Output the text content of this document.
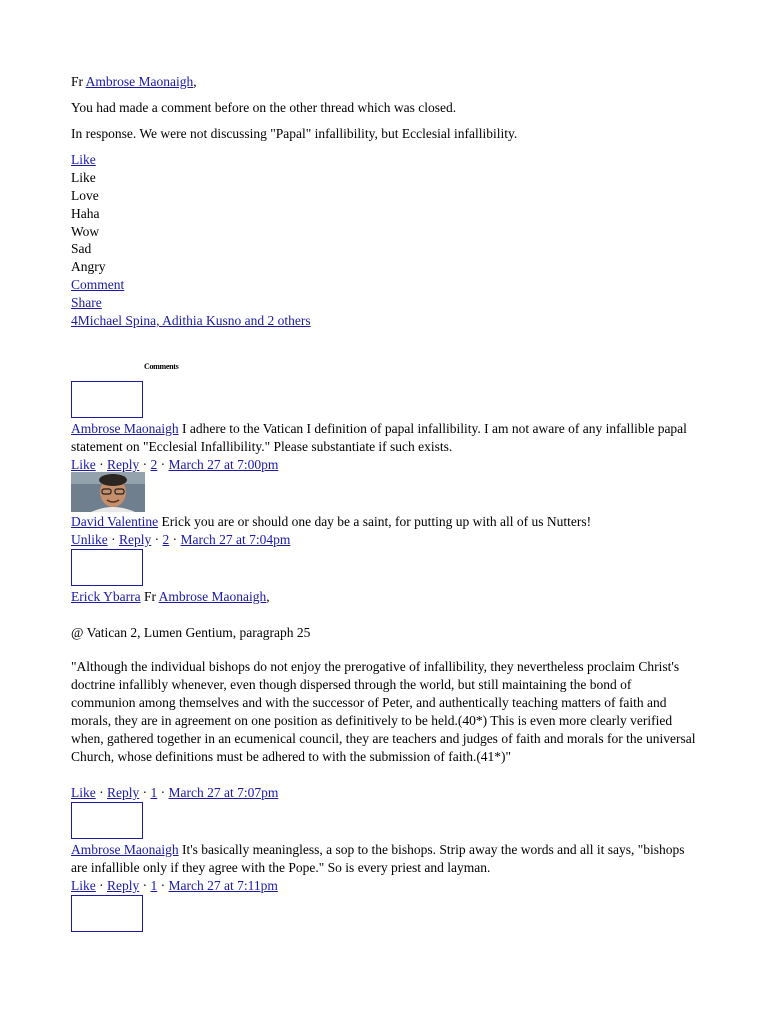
Fr Ambrose Maonaigh,
You had made a comment before on the other thread which was closed.
In response. We were not discussing "Papal" infallibility, but Ecclesial infallibility.
Like
Like
Love
Haha
Wow
Sad
Angry
Comment
Share
4Michael Spina, Adithia Kusno and 2 others
Comments
Ambrose Maonaigh I adhere to the Vatican I definition of papal infallibility. I am not aware of any infallible papal statement on "Ecclesial Infallibility." Please substantiate if such exists.
Like · Reply · 2 · March 27 at 7:00pm
David Valentine Erick you are or should one day be a saint, for putting up with all of us Nutters!
Unlike · Reply · 2 · March 27 at 7:04pm
Erick Ybarra Fr Ambrose Maonaigh,
@ Vatican 2, Lumen Gentium, paragraph 25
"Although the individual bishops do not enjoy the prerogative of infallibility, they nevertheless proclaim Christ's doctrine infallibly whenever, even though dispersed through the world, but still maintaining the bond of communion among themselves and with the successor of Peter, and authentically teaching matters of faith and morals, they are in agreement on one position as definitively to be held.(40*) This is even more clearly verified when, gathered together in an ecumenical council, they are teachers and judges of faith and morals for the universal Church, whose definitions must be adhered to with the submission of faith.(41*)"
Like · Reply · 1 · March 27 at 7:07pm
Ambrose Maonaigh It's basically meaningless, a sop to the bishops. Strip away the words and all it says, "bishops are infallible only if they agree with the Pope." So is every priest and layman.
Like · Reply · 1 · March 27 at 7:11pm
